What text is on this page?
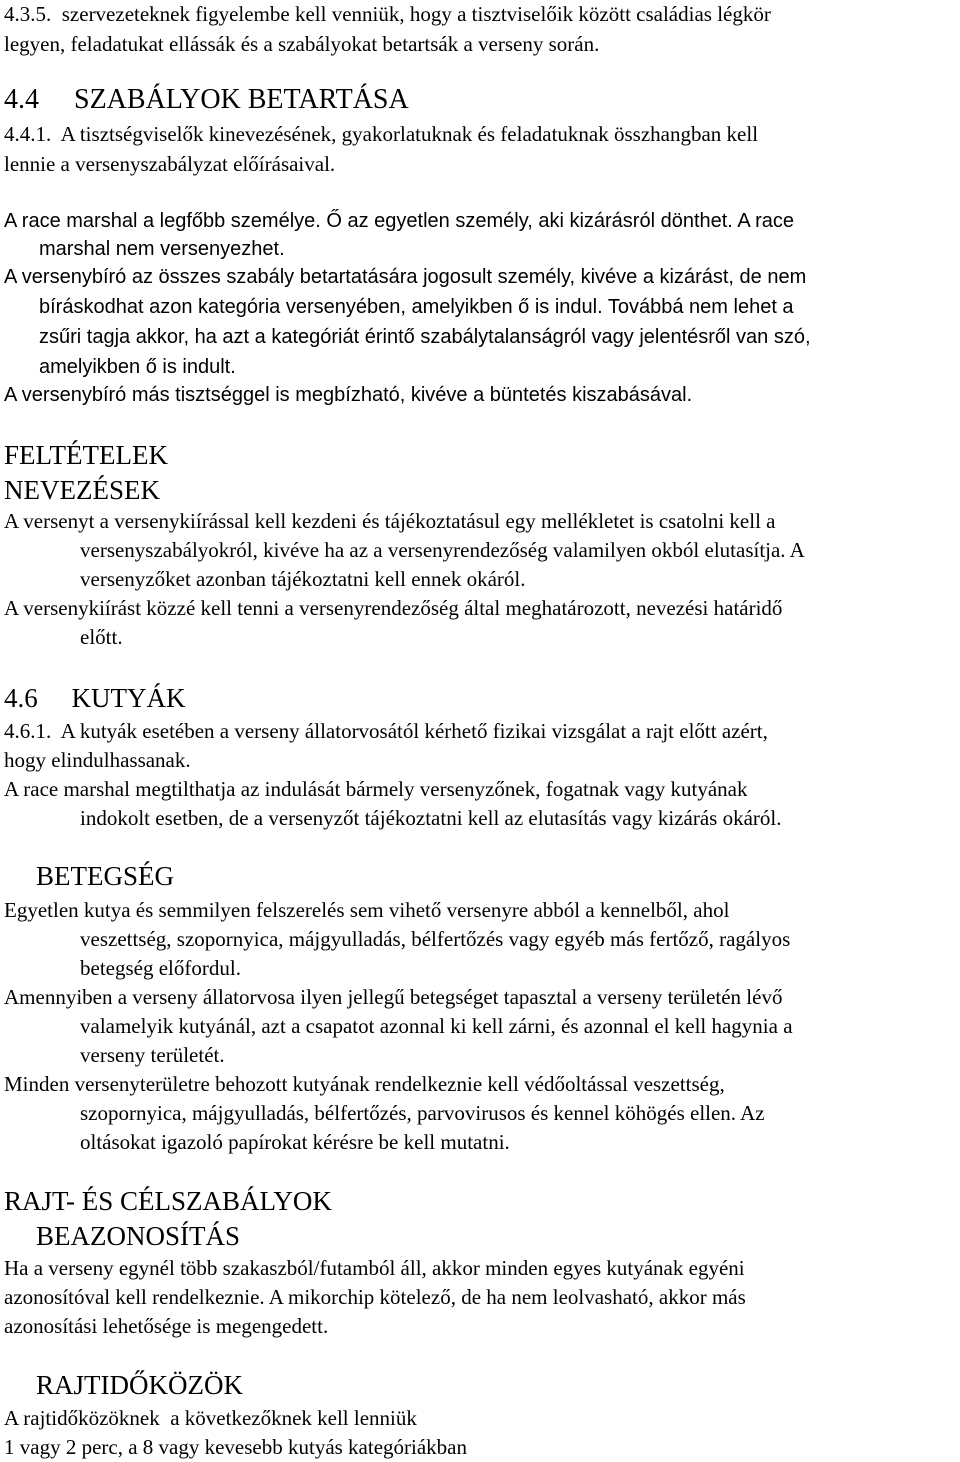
4.3.5.  szervezeteknek figyelembe kell venniük, hogy a tisztviselőik között családias légkör
legyen, feladatukat ellássák és a szabályokat betartsák a verseny során.
4.4     SZABÁLYOK BETARTÁSA
4.4.1.  A tisztségviselők kinevezésének, gyakorlatuknak és feladatuknak összhangban kell
lennie a versenyszabályzat előírásaival.
A race marshal a legfőbb személye. Ő az egyetlen személy, aki kizárásról dönthet. A race
marshal nem versenyezhet.
A versenybíró az összes szabály betartatására jogosult személy, kivéve a kizárást, de nem
bíráskodhat azon kategória versenyében, amelyikben ő is indul. Továbbá nem lehet a
zsűri tagja akkor, ha azt a kategóriát érintő szabálytalanságról vagy jelentésről van szó,
amelyikben ő is indult.
A versenybíró más tisztséggel is megbízható, kivéve a büntetés kiszabásával.
FELTÉTELEK
NEVEZÉSEK
A versenyt a versenykiírással kell kezdeni és tájékoztatásul egy mellékletet is csatolni kell a
versenyszabályokról, kivéve ha az a versenyrendezőség valamilyen okból elutasítja. A
versenyzőket azonban tájékoztatni kell ennek okáról.
A versenykiírást közzé kell tenni a versenyrendezőség által meghatározott, nevezési határidő
előtt.
4.6     KUTYÁK
4.6.1.  A kutyák esetében a verseny állatorvosától kérhető fizikai vizsgálat a rajt előtt azért,
hogy elindulhassanak.
A race marshal megtilthatja az indulását bármely versenyzőnek, fogatnak vagy kutyának
indokolt esetben, de a versenyzőt tájékoztatni kell az elutasítás vagy kizárás okáról.
BETEGSÉG
Egyetlen kutya és semmilyen felszerelés sem vihető versenyre abból a kennelből, ahol
veszettség, szopornyica, májgyulladás, bélfertőzés vagy egyéb más fertőző, ragályos
betegség előfordul.
Amennyiben a verseny állatorvosa ilyen jellegű betegséget tapasztal a verseny területén lévő
valamelyik kutyánál, azt a csapatot azonnal ki kell zárni, és azonnal el kell hagynia a
verseny területét.
Minden versenyterületre behozott kutyának rendelkeznie kell védőoltással veszettség,
szopornyica, májgyulladás, bélfertőzés, parvovirusos és kennel köhögés ellen. Az
oltásokat igazoló papírokat kérésre be kell mutatni.
RAJT- ÉS CÉLSZABÁLYOK
BEAZONOSÍTÁS
Ha a verseny egynél több szakaszból/futamból áll, akkor minden egyes kutyának egyéni
azonosítóval kell rendelkeznie. A mikorchip kötelező, de ha nem leolvasható, akkor más
azonosítási lehetősége is megengedett.
RAJTIDŐKÖZÖK
A rajtidőközöknek  a következőknek kell lenniük
1 vagy 2 perc, a 8 vagy kevesebb kutyás kategóriákban
